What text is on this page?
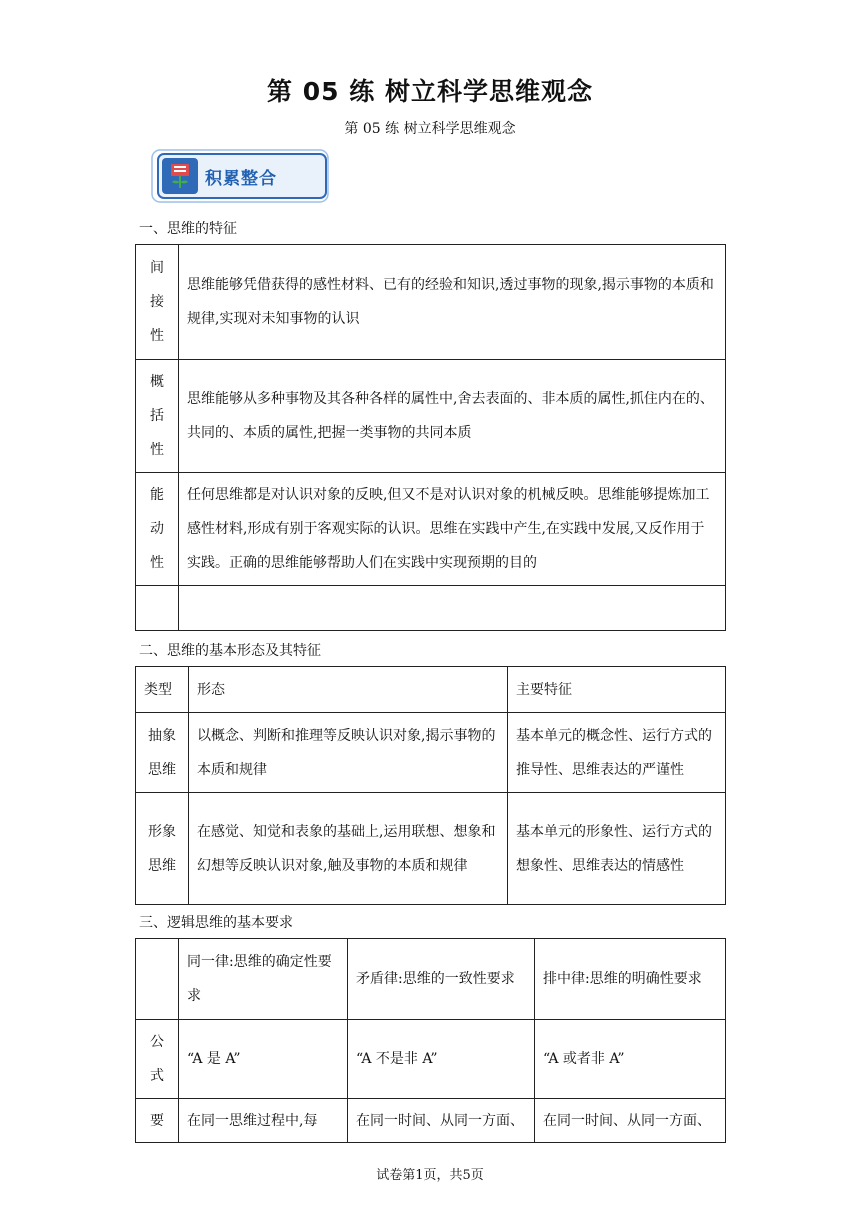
第 05 练 树立科学思维观念
第 05 练 树立科学思维观念
积累整合
一、思维的特征
间
接
性	思维能够凭借获得的感性材料、已有的经验和知识,透过事物的现象,揭示事物的本质和规律,实现对未知事物的认识

概
括
性	思维能够从多种事物及其各种各样的属性中,舍去表面的、非本质的属性,抓住内在的、共同的、本质的属性,把握一类事物的共同本质

能
动
性	任何思维都是对认识对象的反映,但又不是对认识对象的机械反映。思维能够提炼加工感性材料,形成有别于客观实际的认识。思维在实践中产生,在实践中发展,又反作用于实践。正确的思维能够帮助人们在实践中实现预期的目的

二、思维的基本形态及其特征
类型	形态	主要特征

抽象
思维	以概念、判断和推理等反映认识对象,揭示事物的本质和规律	基本单元的概念性、运行方式的推导性、思维表达的严谨性

形象
思维	在感觉、知觉和表象的基础上,运用联想、想象和幻想等反映认识对象,触及事物的本质和规律	基本单元的形象性、运行方式的想象性、思维表达的情感性
三、逻辑思维的基本要求
	同一律:思维的确定性要求	矛盾律:思维的一致性要求	排中律:思维的明确性要求

公
式	“A 是 A”	“A 不是非 A”	“A 或者非 A”

要	在同一思维过程中,每	在同一时间、从同一方面、	在同一时间、从同一方面、
试卷第1页，共5页
